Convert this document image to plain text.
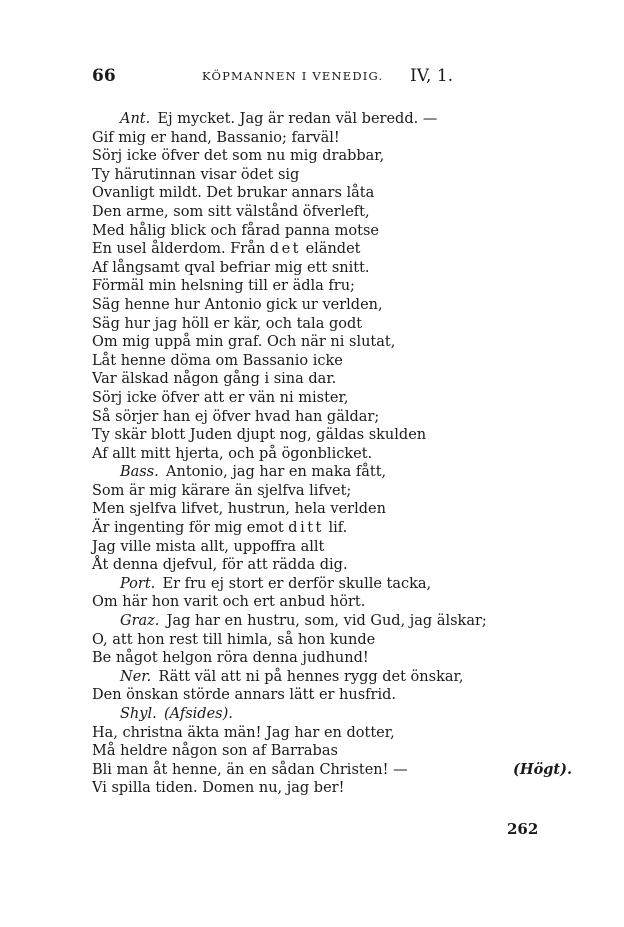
66	KÖPMANNEN I VENEDIG. IV, 1.
Ant.  Ej mycket. Jag är redan väl beredd. —
Gif mig er hand, Bassanio; farväl!
Sörj icke öfver det som nu mig drabbar,
Ty härutinnan visar ödet sig
Ovanligt mildt. Det brukar annars låta
Den arme, som sitt välstånd öfverleft,
Med hålig blick och fårad panna motse
En usel ålderdom. Från det eländet
Af långsamt qval befriar mig ett snitt.
Förmäl min helsning till er ädla fru;
Säg henne hur Antonio gick ur verlden,
Säg hur jag höll er kär, och tala godt
Om mig uppå min graf. Och när ni slutat,
Låt henne döma om Bassanio icke
Var älskad någon gång i sina dar.
Sörj icke öfver att er vän ni mister,
Så sörjer han ej öfver hvad han gäldar;
Ty skär blott Juden djupt nog, gäldas skulden
Af allt mitt hjerta, och på ögonblicket.
Bass.  Antonio, jag har en maka fått,
Som är mig kärare än sjelfva lifvet;
Men sjelfva lifvet, hustrun, hela verlden
Är ingenting för mig emot ditt lif.
Jag ville mista allt, uppoffra allt
Åt denna djefvul, för att rädda dig.
Port.  Er fru ej stort er derför skulle tacka,
Om här hon varit och ert anbud hört.
Graz.  Jag har en hustru, som, vid Gud, jag älskar;
O, att hon rest till himla, så hon kunde
Be något helgon röra denna judhund!
Ner.  Rätt väl att ni på hennes rygg det önskar,
Den önskan störde annars lätt er husfrid.
Shyl.  (Afsides).
Ha, christna äkta män! Jag har en dotter,
Må heldre någon son af Barrabas
Bli man åt henne, än en sådan Christen! —	(Högt).
Vi spilla tiden. Domen nu, jag ber!
262
